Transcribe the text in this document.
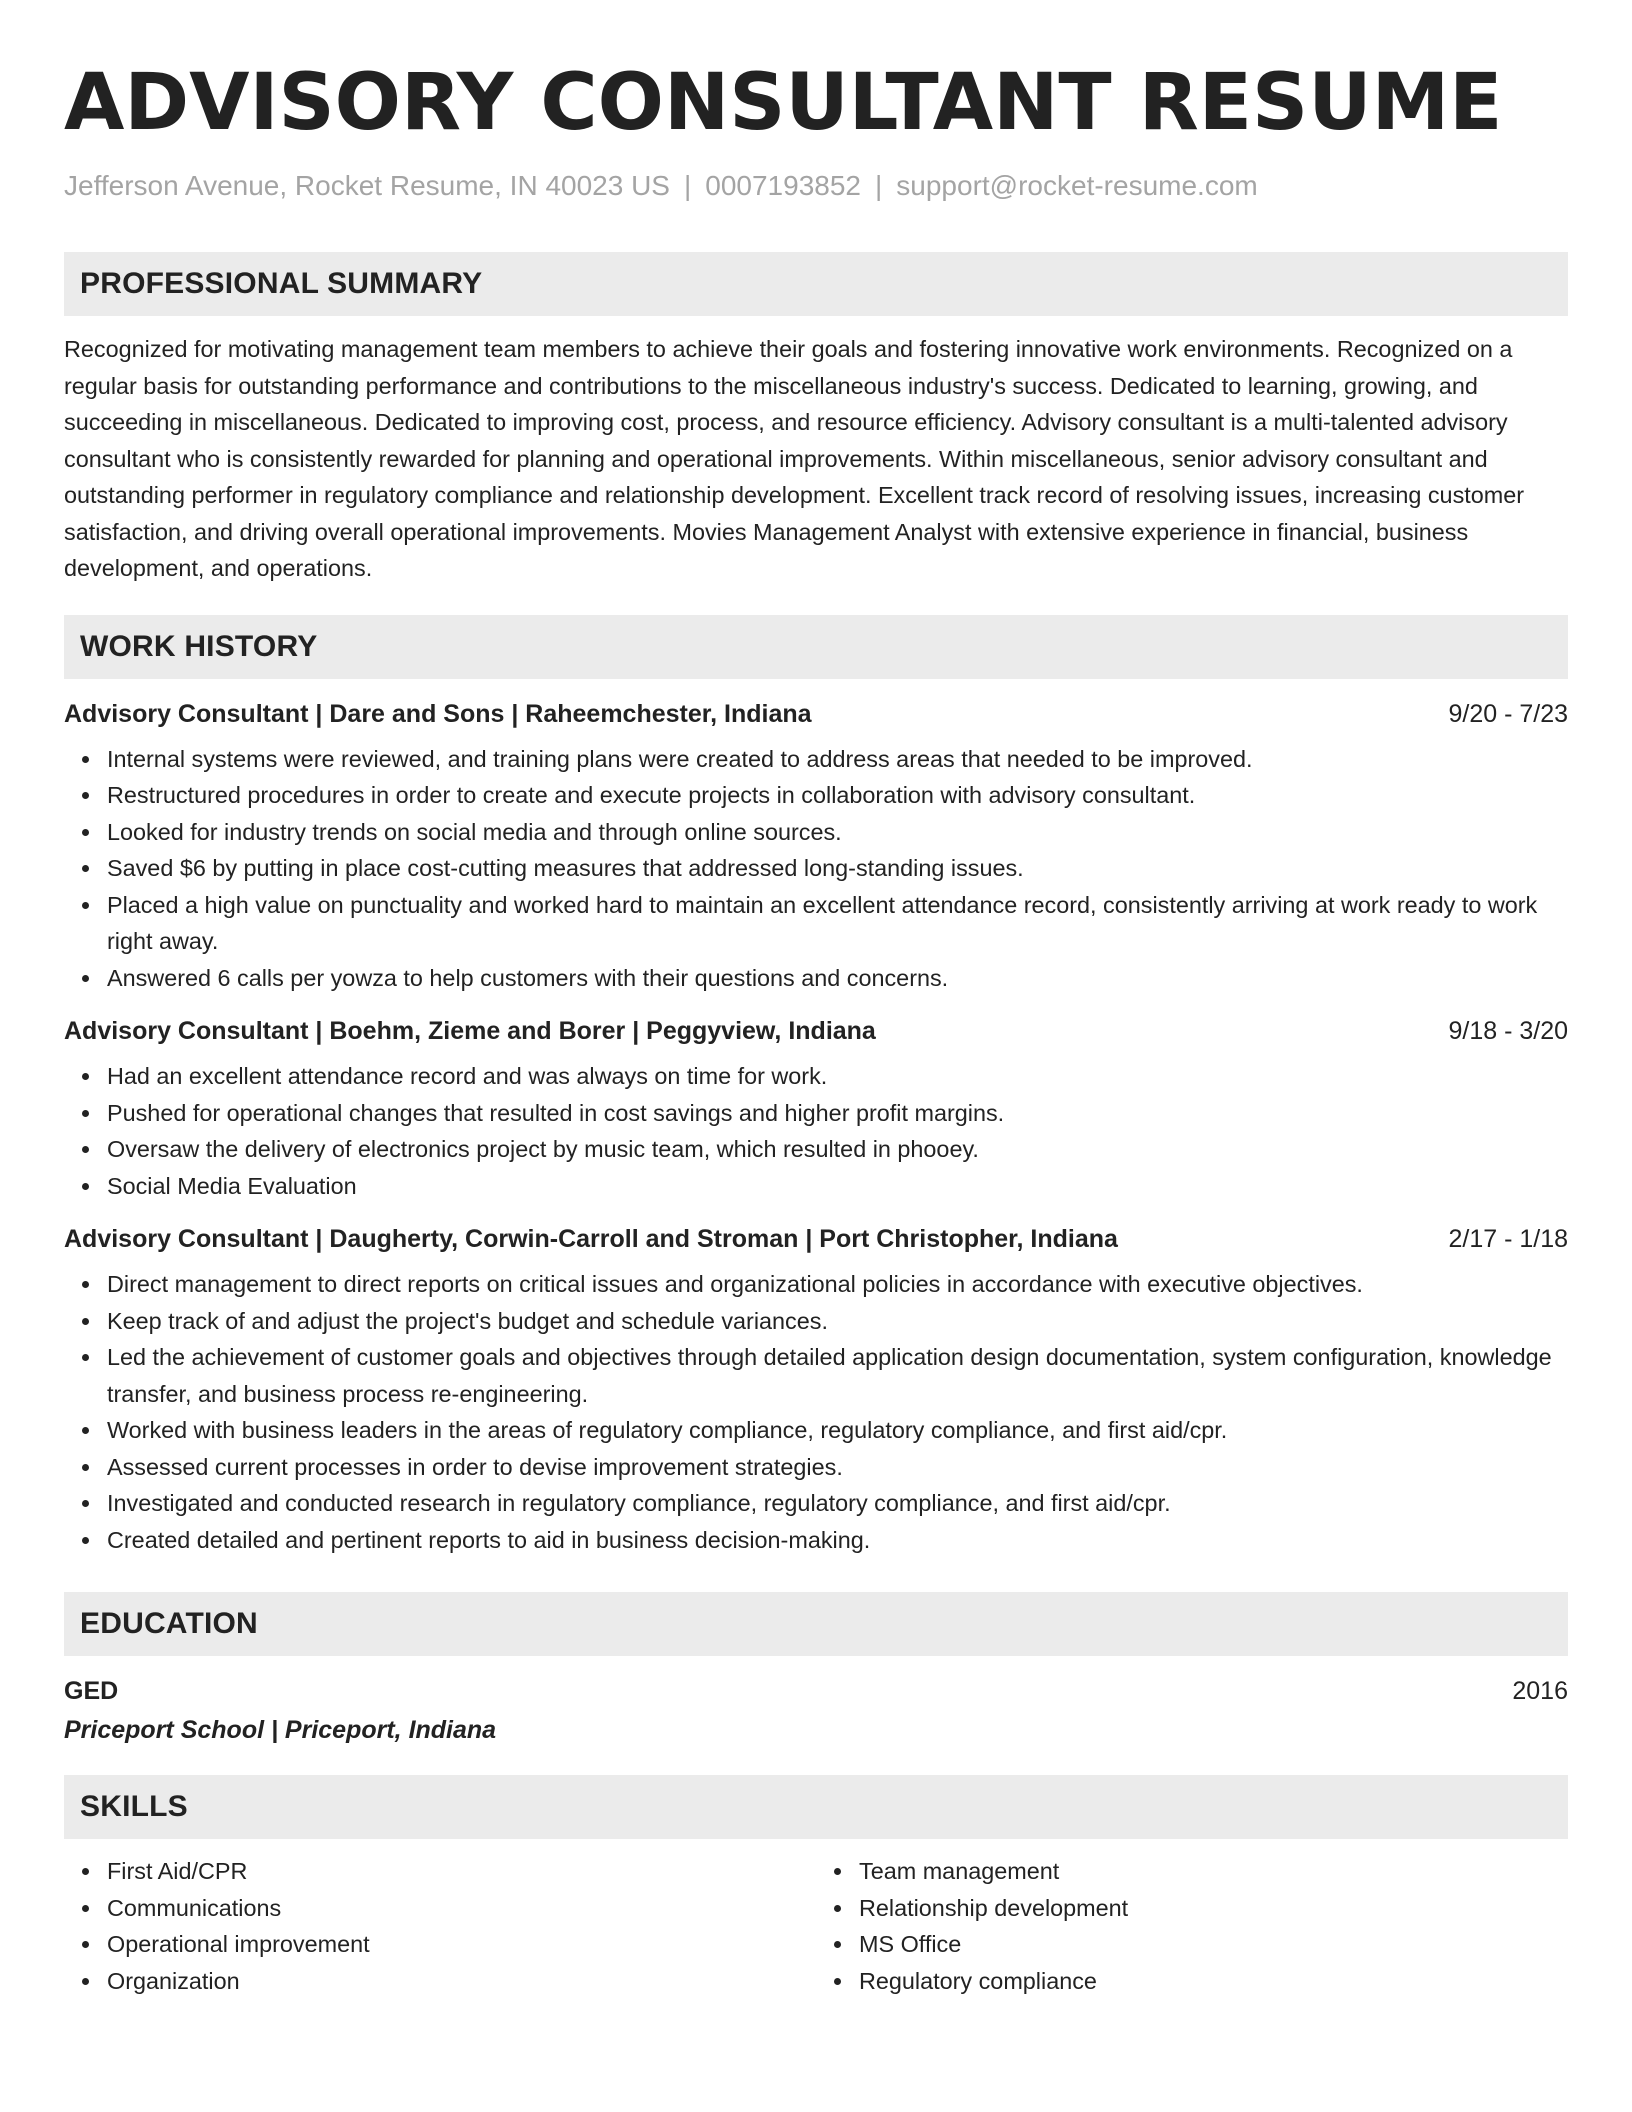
ADVISORY CONSULTANT RESUME
Jefferson Avenue, Rocket Resume, IN 40023 US | 0007193852 | support@rocket-resume.com
PROFESSIONAL SUMMARY

Recognized for motivating management team members to achieve their goals and fostering innovative work environments. Recognized on a regular basis for outstanding performance and contributions to the miscellaneous industry's success. Dedicated to learning, growing, and succeeding in miscellaneous. Dedicated to improving cost, process, and resource efficiency. Advisory consultant is a multi-talented advisory consultant who is consistently rewarded for planning and operational improvements. Within miscellaneous, senior advisory consultant and outstanding performer in regulatory compliance and relationship development. Excellent track record of resolving issues, increasing customer satisfaction, and driving overall operational improvements. Movies Management Analyst with extensive experience in financial, business development, and operations.

WORK HISTORY
Advisory Consultant | Dare and Sons | Raheemchester, Indiana	9/20 - 7/23
Internal systems were reviewed, and training plans were created to address areas that needed to be improved.
Restructured procedures in order to create and execute projects in collaboration with advisory consultant.
Looked for industry trends on social media and through online sources.
Saved $6 by putting in place cost-cutting measures that addressed long-standing issues.
Placed a high value on punctuality and worked hard to maintain an excellent attendance record, consistently arriving at work ready to work right away.
Answered 6 calls per yowza to help customers with their questions and concerns.
Advisory Consultant | Boehm, Zieme and Borer | Peggyview, Indiana	9/18 - 3/20
Had an excellent attendance record and was always on time for work.
Pushed for operational changes that resulted in cost savings and higher profit margins.
Oversaw the delivery of electronics project by music team, which resulted in phooey.
Social Media Evaluation
Advisory Consultant | Daugherty, Corwin-Carroll and Stroman | Port Christopher, Indiana	2/17 - 1/18
Direct management to direct reports on critical issues and organizational policies in accordance with executive objectives.
Keep track of and adjust the project's budget and schedule variances.
Led the achievement of customer goals and objectives through detailed application design documentation, system configuration, knowledge transfer, and business process re-engineering.
Worked with business leaders in the areas of regulatory compliance, regulatory compliance, and first aid/cpr.
Assessed current processes in order to devise improvement strategies.
Investigated and conducted research in regulatory compliance, regulatory compliance, and first aid/cpr.
Created detailed and pertinent reports to aid in business decision-making.
EDUCATION
GED	2016
Priceport School | Priceport, Indiana
SKILLS
First Aid/CPR
Communications
Operational improvement
Organization
Team management
Relationship development
MS Office
Regulatory compliance
